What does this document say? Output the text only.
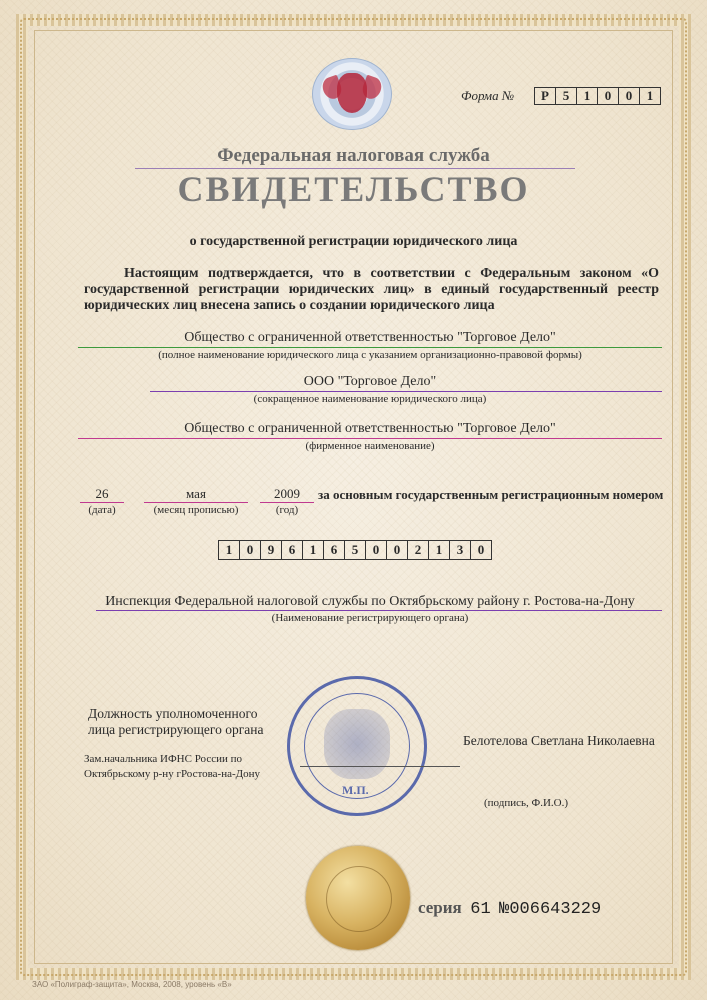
Форма №	Р	5	1	0	0	1
Федеральная налоговая служба
СВИДЕТЕЛЬСТВО
о государственной регистрации юридического лица
Настоящим подтверждается, что в соответствии с Федеральным законом «О государственной регистрации юридических лиц» в единый государственный реестр юридических лиц внесена запись о создании юридического лица
Общество с ограниченной ответственностью "Торговое Дело"
(полное наименование юридического лица с указанием организационно-правовой формы)
ООО "Торговое Дело"
(сокращенное наименование юридического лица)
Общество с ограниченной ответственностью "Торговое Дело"
(фирменное наименование)
26
(дата)
мая
(месяц прописью)
2009
(год)
за основным государственным регистрационным номером
1	0	9	6	1	6	5	0	0	2	1	3	0
Инспекция Федеральной налоговой службы по Октябрьскому району г. Ростова-на-Дону
(Наименование регистрирующего органа)
Должность уполномоченного
лица регистрирующего органа
Зам.начальника ИФНС России по
Октябрьскому р-ну гРостова-на-Дону
М.П.
Белотелова Светлана Николаевна
(подпись, Ф.И.О.)
серия 61 №006643229
ЗАО «Полиграф-защита», Москва, 2008, уровень «В»
